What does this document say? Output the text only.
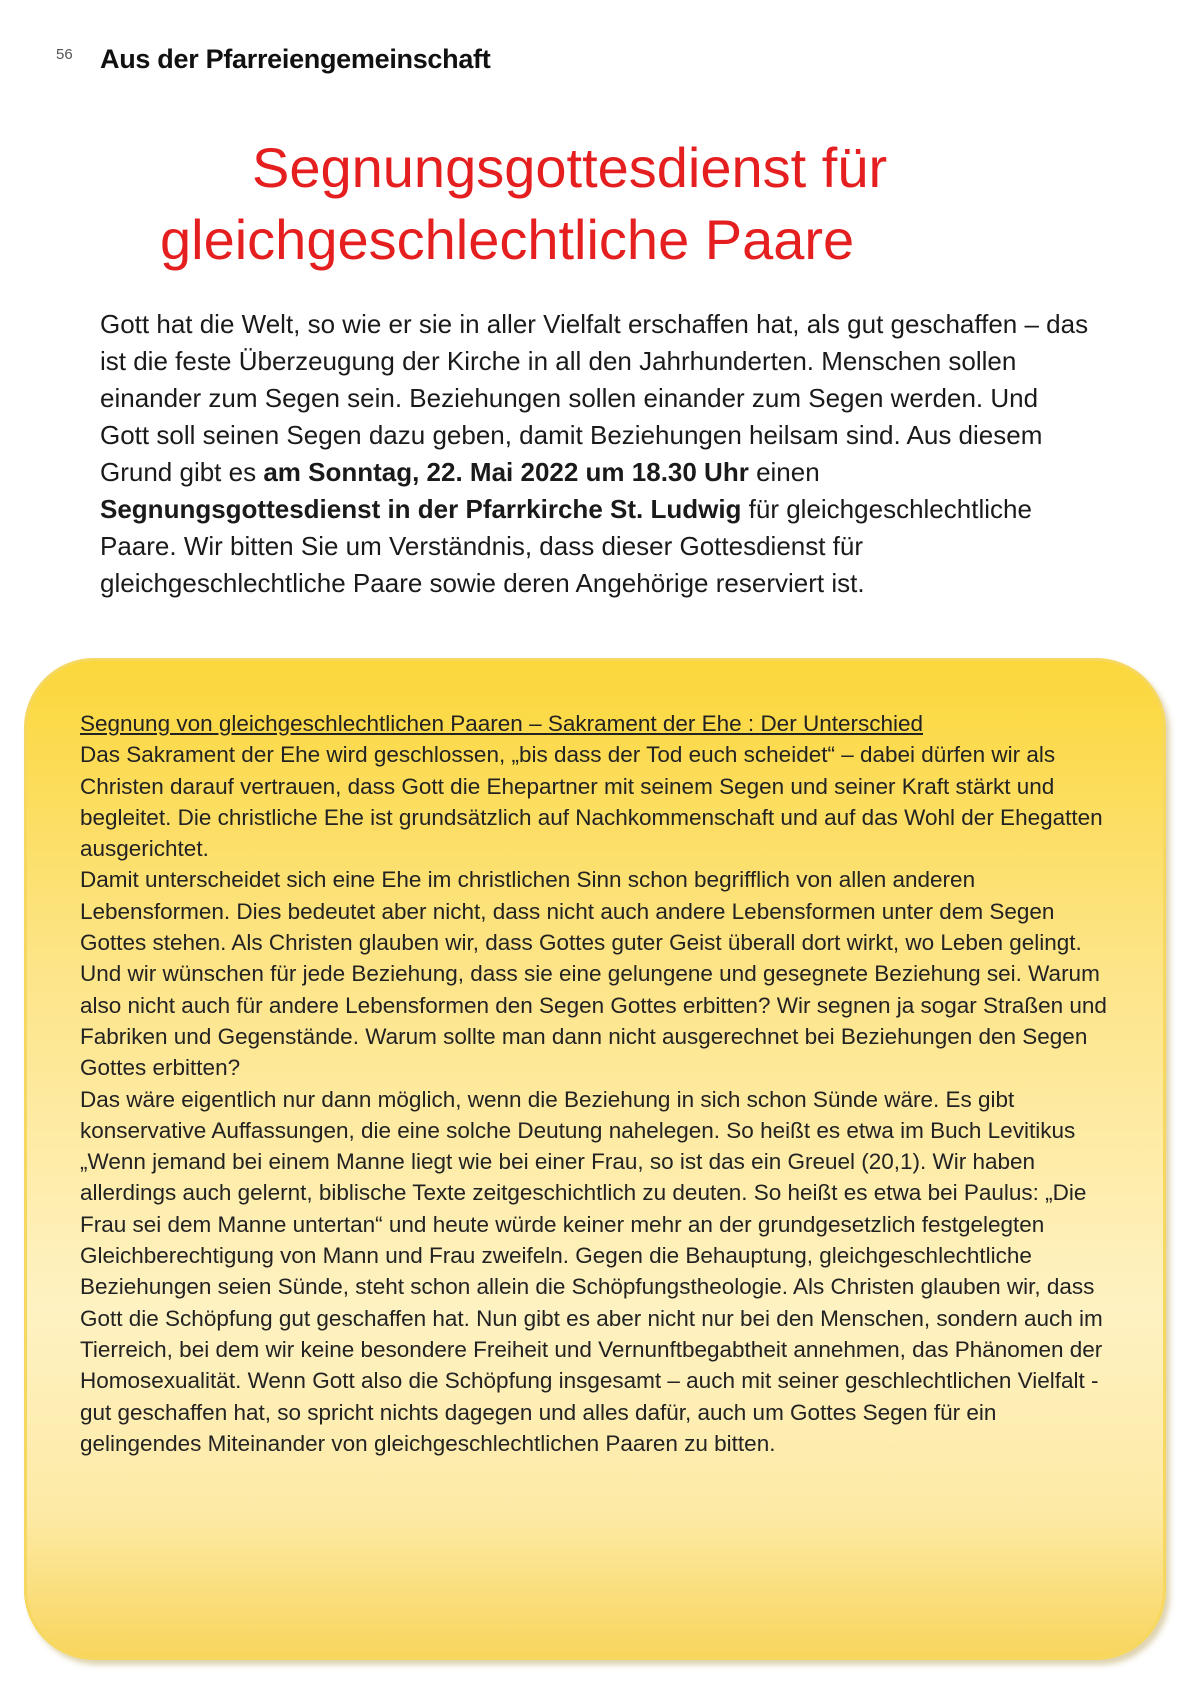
56 Aus der Pfarreiengemeinschaft
Segnungsgottesdienst für
gleichgeschlechtliche Paare

Gott hat die Welt, so wie er sie in aller Vielfalt erschaffen hat, als gut geschaffen – das ist die feste Überzeugung der Kirche in all den Jahrhunderten. Menschen sollen einander zum Segen sein. Beziehungen sollen einander zum Segen werden. Und Gott soll seinen Segen dazu geben, damit Beziehungen heilsam sind. Aus diesem Grund gibt es am Sonntag, 22. Mai 2022 um 18.30 Uhr einen Segnungsgottesdienst in der Pfarrkirche St. Ludwig für gleichgeschlechtliche Paare. Wir bitten Sie um Verständnis, dass dieser Gottesdienst für gleichgeschlechtliche Paare sowie deren Angehörige reserviert ist.

Segnung von gleichgeschlechtlichen Paaren – Sakrament der Ehe : Der Unterschied
Das Sakrament der Ehe wird geschlossen, „bis dass der Tod euch scheidet“ – dabei dürfen wir als Christen darauf vertrauen, dass Gott die Ehepartner mit seinem Segen und seiner Kraft stärkt und begleitet. Die christliche Ehe ist grundsätzlich auf Nachkommenschaft und auf das Wohl der Ehegatten ausgerichtet.
Damit unterscheidet sich eine Ehe im christlichen Sinn schon begrifflich von allen anderen Lebensformen. Dies bedeutet aber nicht, dass nicht auch andere Lebensformen unter dem Segen Gottes stehen. Als Christen glauben wir, dass Gottes guter Geist überall dort wirkt, wo Leben gelingt. Und wir wünschen für jede Beziehung, dass sie eine gelungene und gesegnete Beziehung sei. Warum also nicht auch für andere Lebensformen den Segen Gottes erbitten? Wir segnen ja sogar Straßen und Fabriken und Gegenstände. Warum sollte man dann nicht ausgerechnet bei Beziehungen den Segen Gottes erbitten?
Das wäre eigentlich nur dann möglich, wenn die Beziehung in sich schon Sünde wäre. Es gibt konservative Auffassungen, die eine solche Deutung nahelegen. So heißt es etwa im Buch Levitikus „Wenn jemand bei einem Manne liegt wie bei einer Frau, so ist das ein Greuel (20,1). Wir haben allerdings auch gelernt, biblische Texte zeitgeschichtlich zu deuten. So heißt es etwa bei Paulus: „Die Frau sei dem Manne untertan“ und heute würde keiner mehr an der grundgesetzlich festgelegten Gleichberechtigung von Mann und Frau zweifeln. Gegen die Behauptung, gleichgeschlechtliche Beziehungen seien Sünde, steht schon allein die Schöpfungstheologie. Als Christen glauben wir, dass Gott die Schöpfung gut geschaffen hat. Nun gibt es aber nicht nur bei den Menschen, sondern auch im Tierreich, bei dem wir keine besondere Freiheit und Vernunftbegabtheit annehmen, das Phänomen der Homosexualität. Wenn Gott also die Schöpfung insgesamt – auch mit seiner geschlechtlichen Vielfalt - gut geschaffen hat, so spricht nichts dagegen und alles dafür, auch um Gottes Segen für ein gelingendes Miteinander von gleichgeschlechtlichen Paaren zu bitten.
